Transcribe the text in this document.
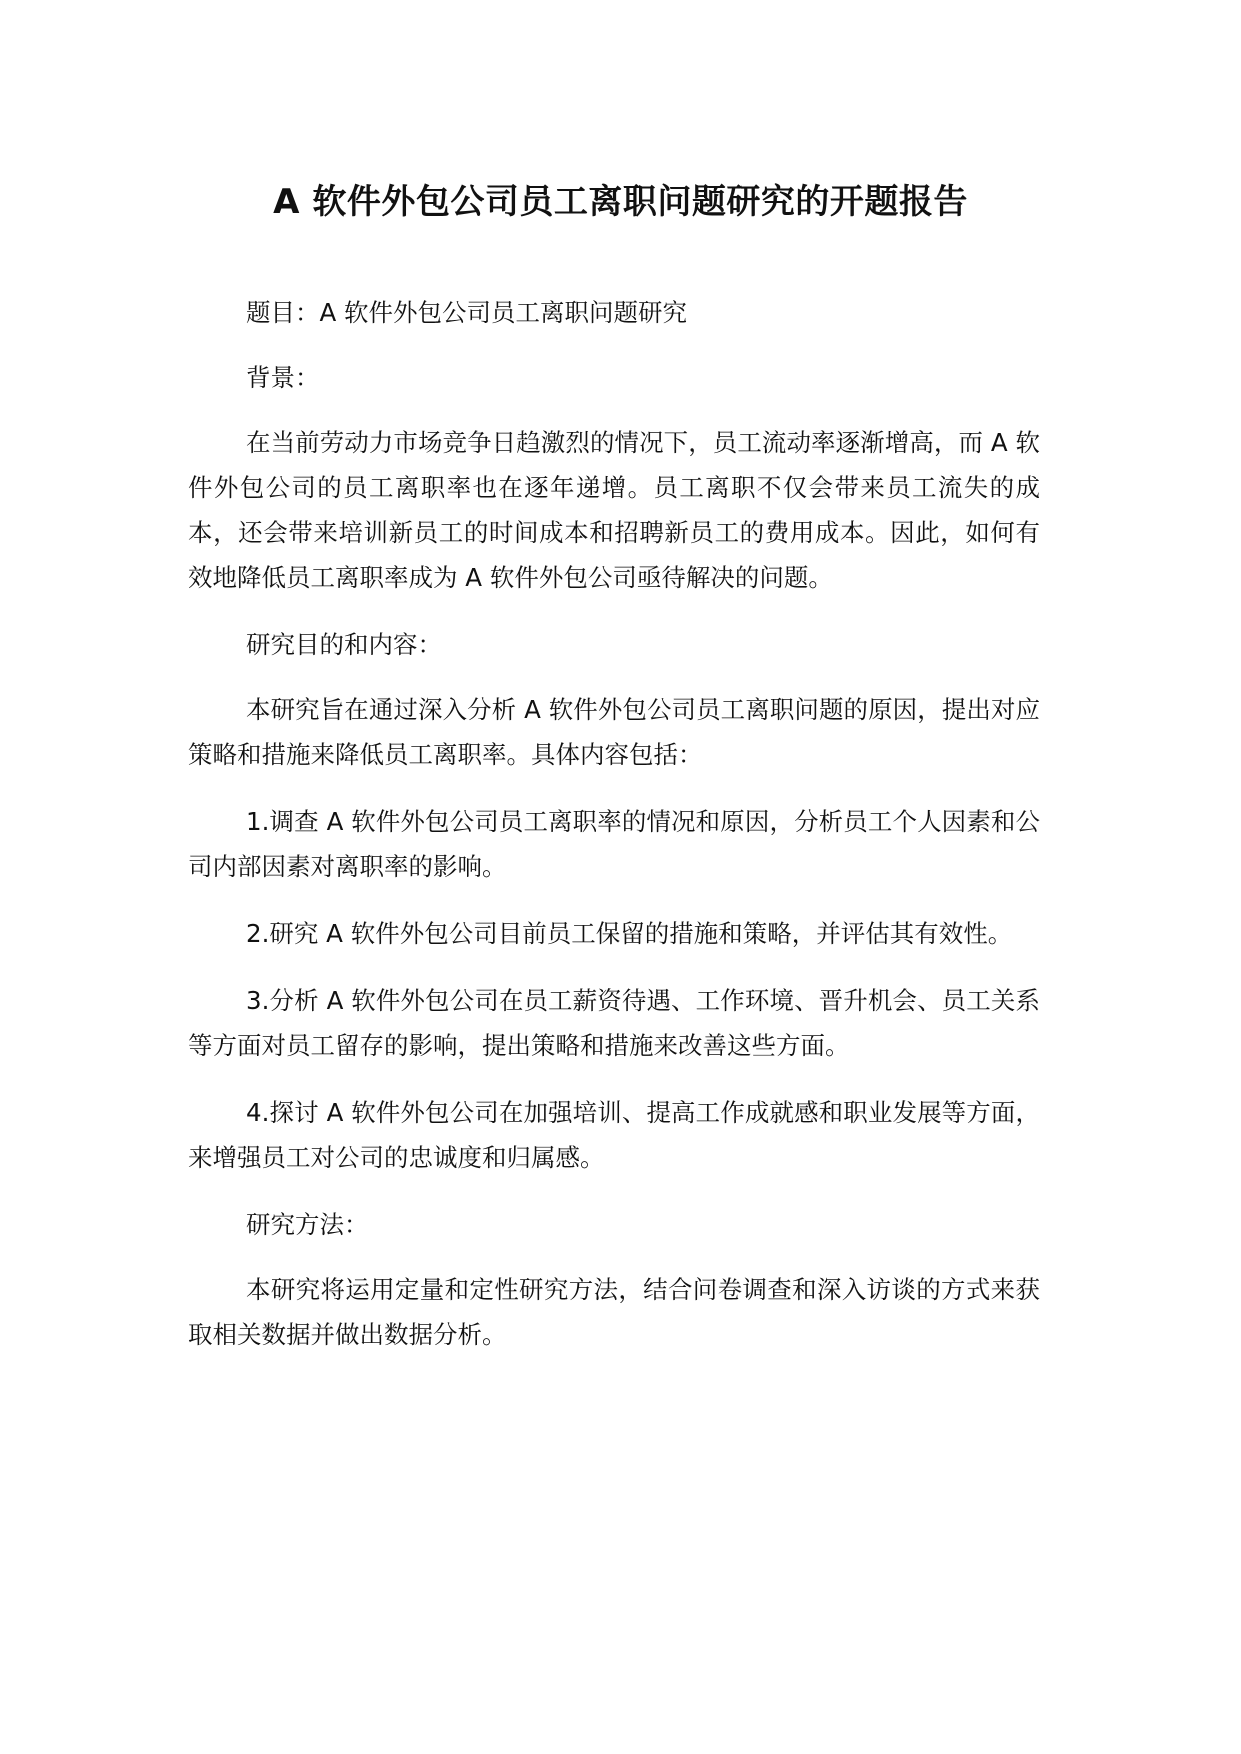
A 软件外包公司员工离职问题研究的开题报告

题目：A 软件外包公司员工离职问题研究

背景：

在当前劳动力市场竞争日趋激烈的情况下，员工流动率逐渐增高，而 A 软件外包公司的员工离职率也在逐年递增。员工离职不仅会带来员工流失的成本，还会带来培训新员工的时间成本和招聘新员工的费用成本。因此，如何有效地降低员工离职率成为 A 软件外包公司亟待解决的问题。

研究目的和内容：

本研究旨在通过深入分析 A 软件外包公司员工离职问题的原因，提出对应策略和措施来降低员工离职率。具体内容包括：

1.调查 A 软件外包公司员工离职率的情况和原因，分析员工个人因素和公司内部因素对离职率的影响。

2.研究 A 软件外包公司目前员工保留的措施和策略，并评估其有效性。

3.分析 A 软件外包公司在员工薪资待遇、工作环境、晋升机会、员工关系等方面对员工留存的影响，提出策略和措施来改善这些方面。

4.探讨 A 软件外包公司在加强培训、提高工作成就感和职业发展等方面，来增强员工对公司的忠诚度和归属感。

研究方法：

本研究将运用定量和定性研究方法，结合问卷调查和深入访谈的方式来获取相关数据并做出数据分析。
